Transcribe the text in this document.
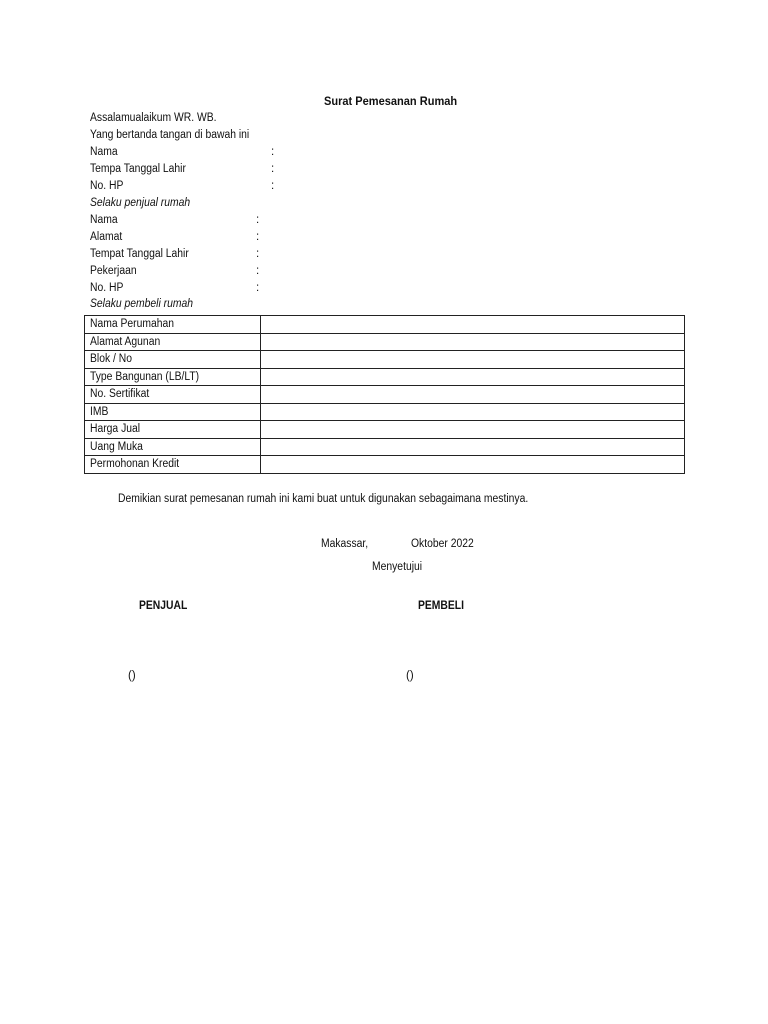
Surat Pemesanan Rumah
Assalamualaikum WR. WB.
Yang bertanda tangan di bawah ini
Nama	:
Tempa Tanggal Lahir	:
No. HP	:
Selaku penjual rumah
Nama	:
Alamat	:
Tempat Tanggal Lahir	:
Pekerjaan	:
No. HP	:
Selaku pembeli rumah
Nama Perumahan	
Alamat Agunan	
Blok / No	
Type Bangunan (LB/LT)	
No. Sertifikat	
IMB	
Harga Jual	
Uang Muka	
Permohonan Kredit	
Demikian surat pemesanan rumah ini kami buat untuk digunakan sebagaimana mestinya.
Makassar,	Oktober 2022
Menyetujui
PENJUAL	PEMBELI
()	()
